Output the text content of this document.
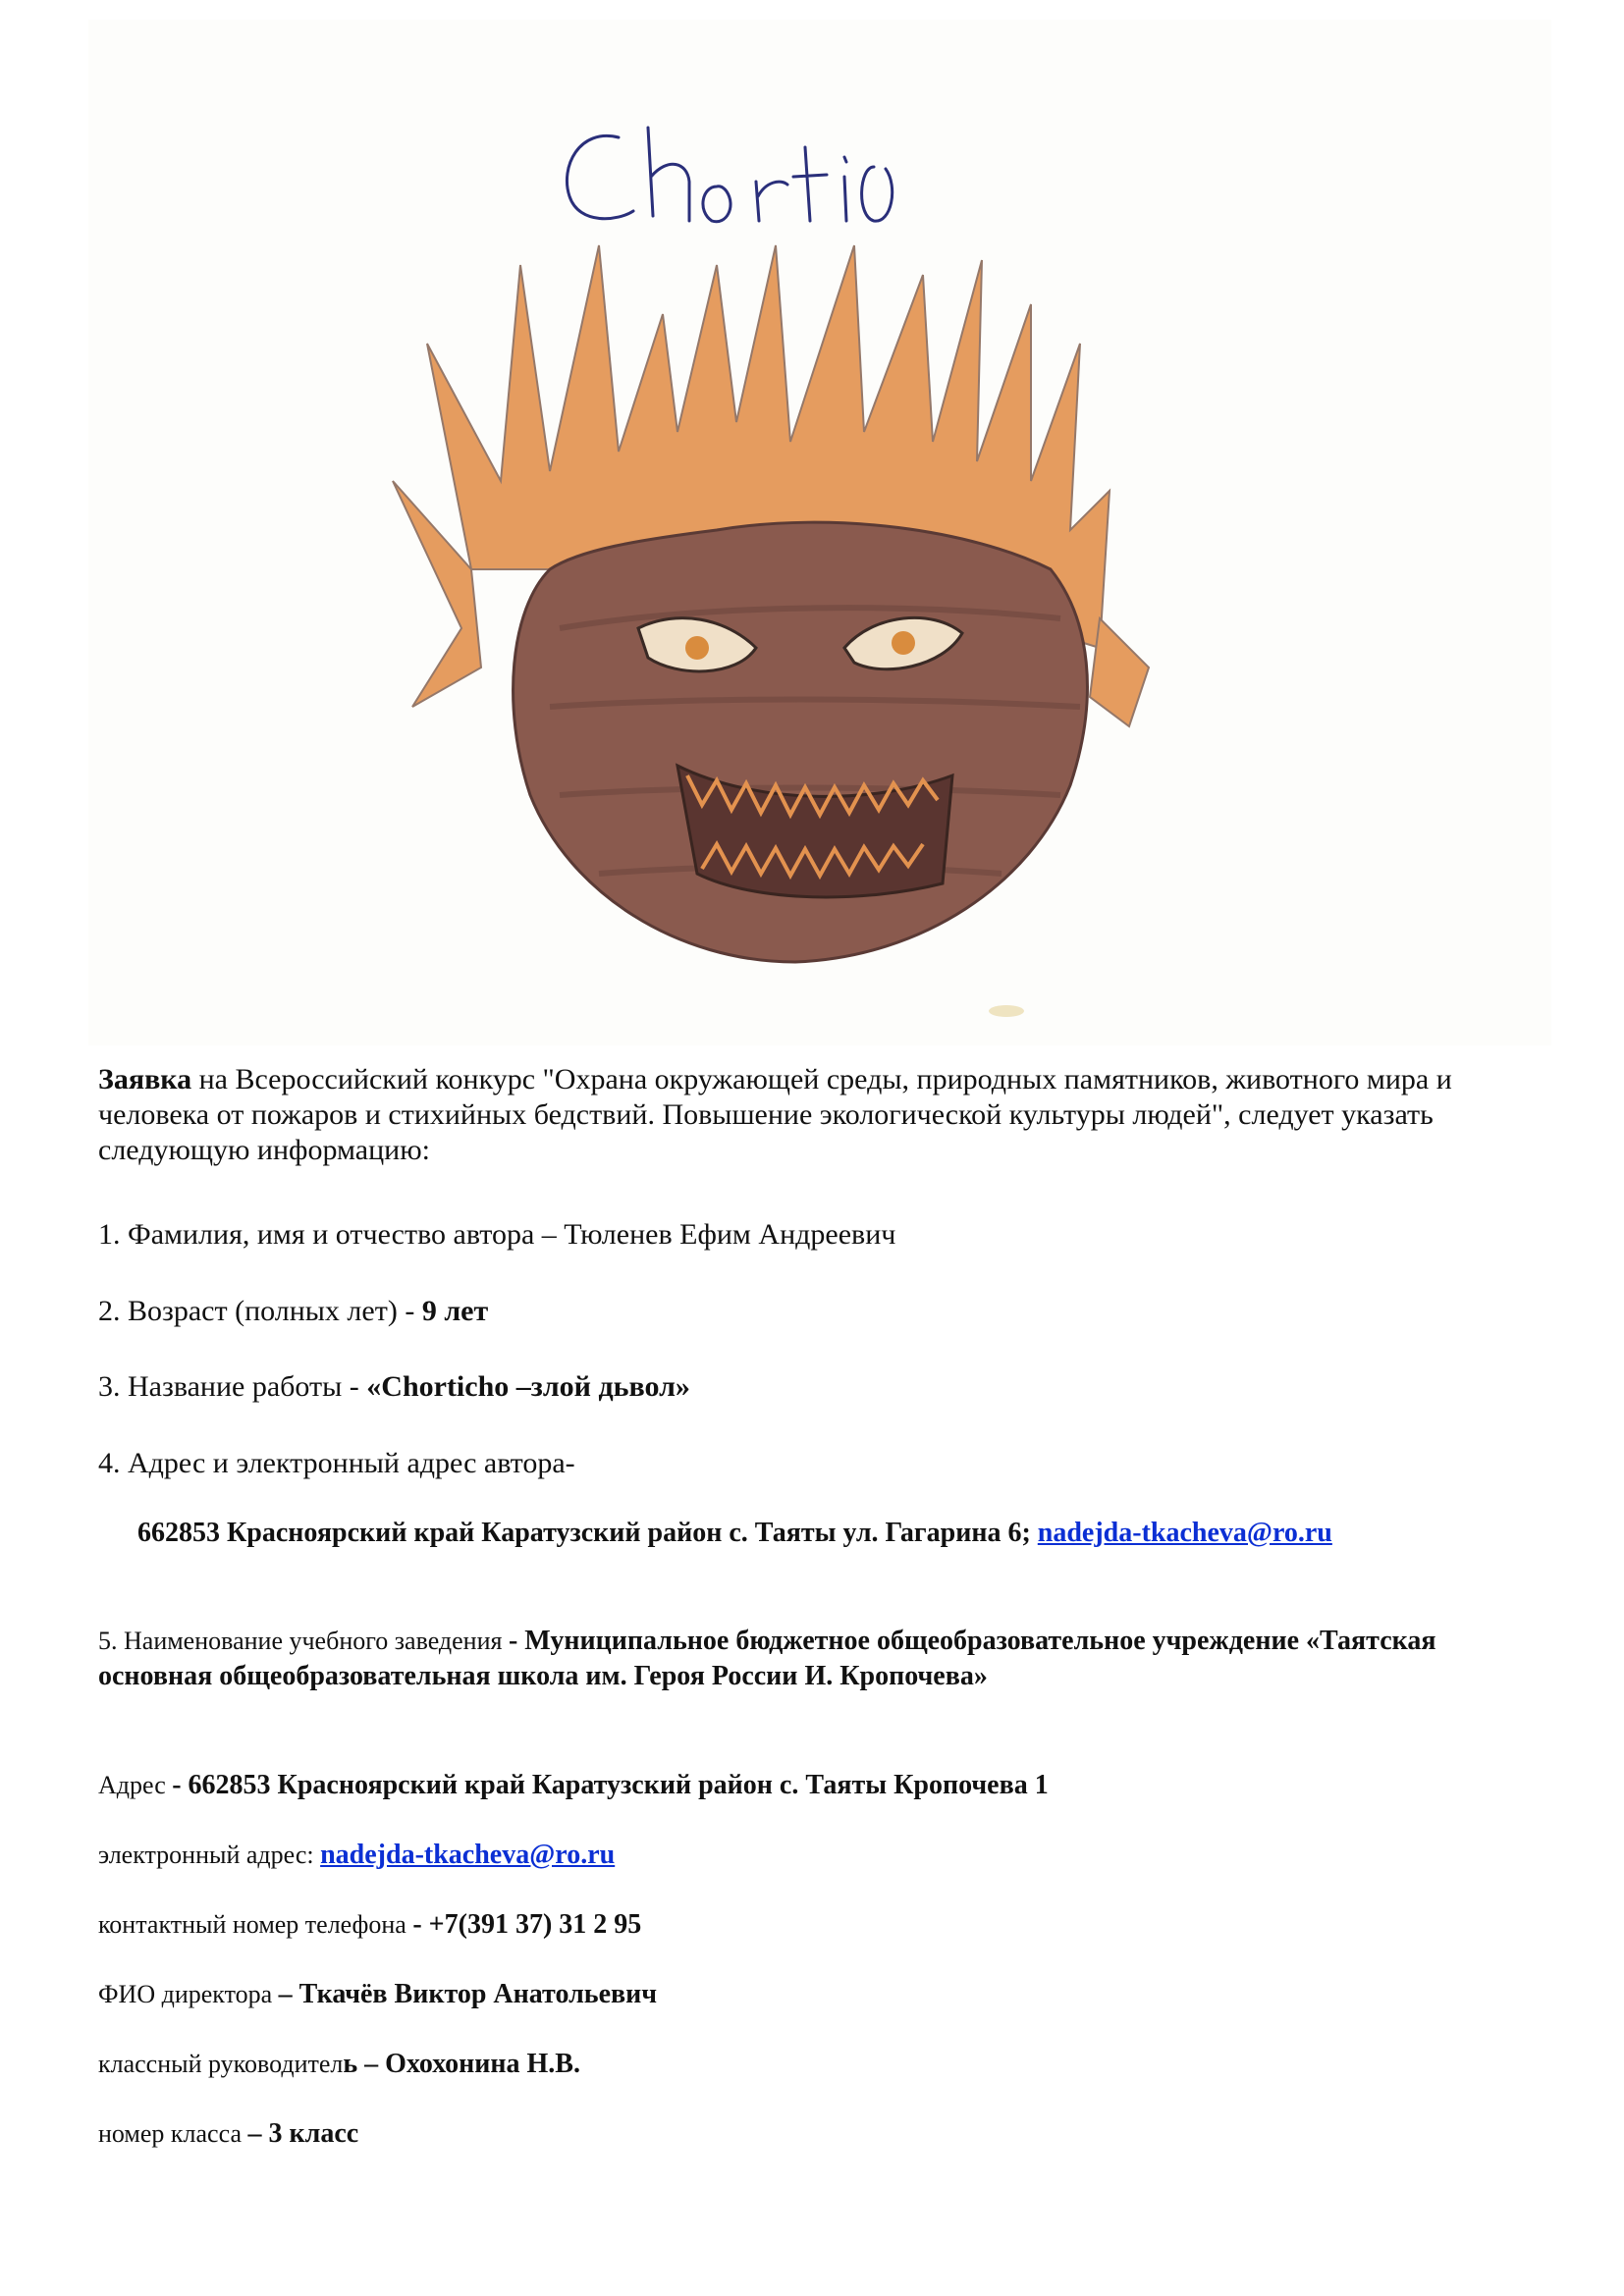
Заявка на Всероссийский конкурс "Охрана окружающей среды, природных памятников, животного мира и человека от пожаров и стихийных бедствий. Повышение экологической культуры людей", следует указать следующую информацию:
1. Фамилия, имя и отчество автора – Тюленев Ефим Андреевич
2. Возраст (полных лет) - 9 лет
3. Название работы - «Chorticho –злой дьвол»
4. Адрес и электронный адрес автора-
662853 Красноярский край Каратузский район с. Таяты ул. Гагарина 6; nadejda-tkacheva@ro.ru
5. Наименование учебного заведения - Муниципальное бюджетное общеобразовательное учреждение «Таятская основная общеобразовательная школа им. Героя России И. Кропочева»
Адрес - 662853 Красноярский край Каратузский район с. Таяты Кропочева 1
электронный адрес: nadejda-tkacheva@ro.ru
контактный номер телефона - +7(391 37) 31 2 95
ФИО директора – Ткачёв Виктор Анатольевич
классный руководитель – Охохонина Н.В.
номер класса – 3 класс
